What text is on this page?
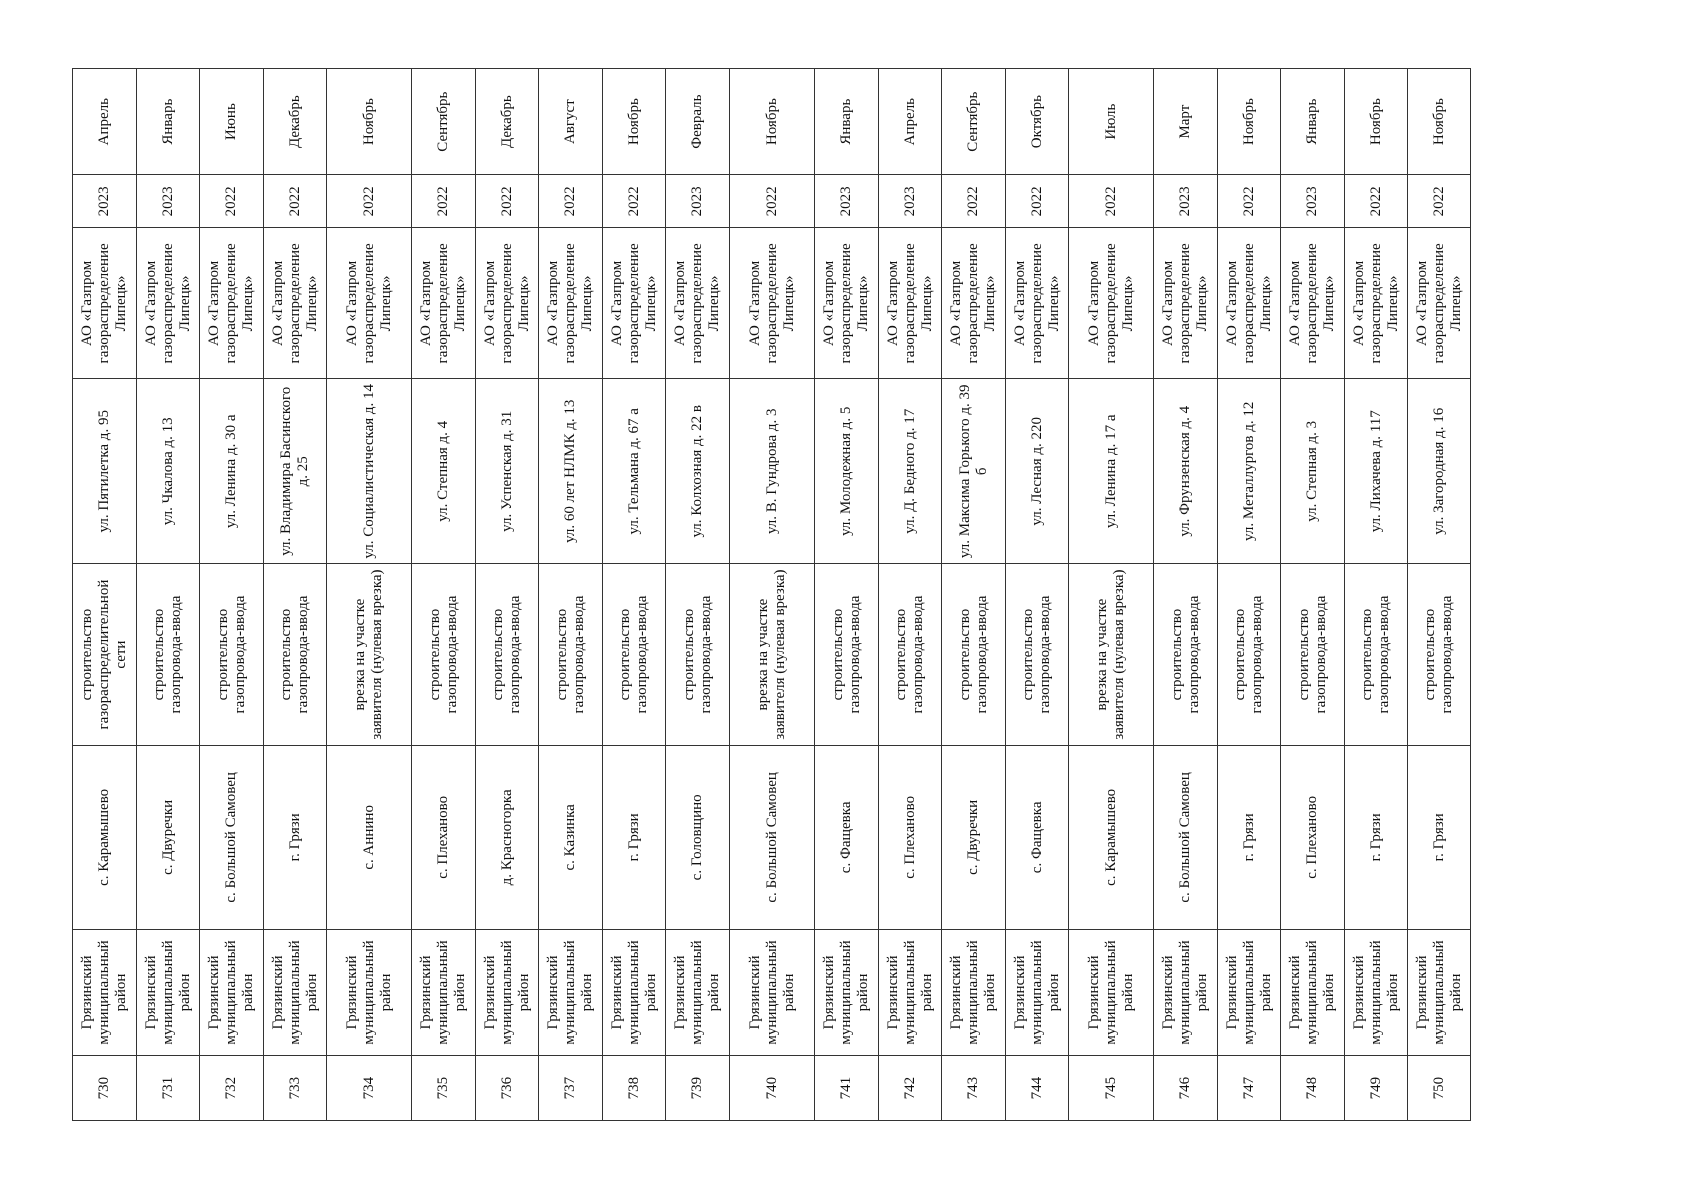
730	Грязинский муниципальный район	с. Карамышево	строительство газораспределительной сети	ул. Пятилетка д. 95	АО «Газпром газораспределение Липецк»	2023	Апрель
731	Грязинский муниципальный район	с. Двуречки	строительство газопровода-ввода	ул. Чкалова д. 13	АО «Газпром газораспределение Липецк»	2023	Январь
732	Грязинский муниципальный район	с. Большой Самовец	строительство газопровода-ввода	ул. Ленина д. 30 а	АО «Газпром газораспределение Липецк»	2022	Июнь
733	Грязинский муниципальный район	г. Грязи	строительство газопровода-ввода	ул. Владимира Басинского д. 25	АО «Газпром газораспределение Липецк»	2022	Декабрь
734	Грязинский муниципальный район	с. Аннино	врезка на участке заявителя (нулевая врезка)	ул. Социалистическая д. 14	АО «Газпром газораспределение Липецк»	2022	Ноябрь
735	Грязинский муниципальный район	с. Плеханово	строительство газопровода-ввода	ул. Степная д. 4	АО «Газпром газораспределение Липецк»	2022	Сентябрь
736	Грязинский муниципальный район	д. Красногорка	строительство газопровода-ввода	ул. Успенская д. 31	АО «Газпром газораспределение Липецк»	2022	Декабрь
737	Грязинский муниципальный район	с. Казинка	строительство газопровода-ввода	ул. 60 лет НЛМК д. 13	АО «Газпром газораспределение Липецк»	2022	Август
738	Грязинский муниципальный район	г. Грязи	строительство газопровода-ввода	ул. Тельмана д. 67 а	АО «Газпром газораспределение Липецк»	2022	Ноябрь
739	Грязинский муниципальный район	с. Головщино	строительство газопровода-ввода	ул. Колхозная д. 22 в	АО «Газпром газораспределение Липецк»	2023	Февраль
740	Грязинский муниципальный район	с. Большой Самовец	врезка на участке заявителя (нулевая врезка)	ул. В. Гундрова д. 3	АО «Газпром газораспределение Липецк»	2022	Ноябрь
741	Грязинский муниципальный район	с. Фащевка	строительство газопровода-ввода	ул. Молодежная д. 5	АО «Газпром газораспределение Липецк»	2023	Январь
742	Грязинский муниципальный район	с. Плеханово	строительство газопровода-ввода	ул. Д. Бедного д. 17	АО «Газпром газораспределение Липецк»	2023	Апрель
743	Грязинский муниципальный район	с. Двуречки	строительство газопровода-ввода	ул. Максима Горького д. 39 б	АО «Газпром газораспределение Липецк»	2022	Сентябрь
744	Грязинский муниципальный район	с. Фащевка	строительство газопровода-ввода	ул. Лесная д. 220	АО «Газпром газораспределение Липецк»	2022	Октябрь
745	Грязинский муниципальный район	с. Карамышево	врезка на участке заявителя (нулевая врезка)	ул. Ленина д. 17 а	АО «Газпром газораспределение Липецк»	2022	Июль
746	Грязинский муниципальный район	с. Большой Самовец	строительство газопровода-ввода	ул. Фрунзенская д. 4	АО «Газпром газораспределение Липецк»	2023	Март
747	Грязинский муниципальный район	г. Грязи	строительство газопровода-ввода	ул. Металлургов д. 12	АО «Газпром газораспределение Липецк»	2022	Ноябрь
748	Грязинский муниципальный район	с. Плеханово	строительство газопровода-ввода	ул. Степная д. 3	АО «Газпром газораспределение Липецк»	2023	Январь
749	Грязинский муниципальный район	г. Грязи	строительство газопровода-ввода	ул. Лихачева д. 117	АО «Газпром газораспределение Липецк»	2022	Ноябрь
750	Грязинский муниципальный район	г. Грязи	строительство газопровода-ввода	ул. Загородная д. 16	АО «Газпром газораспределение Липецк»	2022	Ноябрь
